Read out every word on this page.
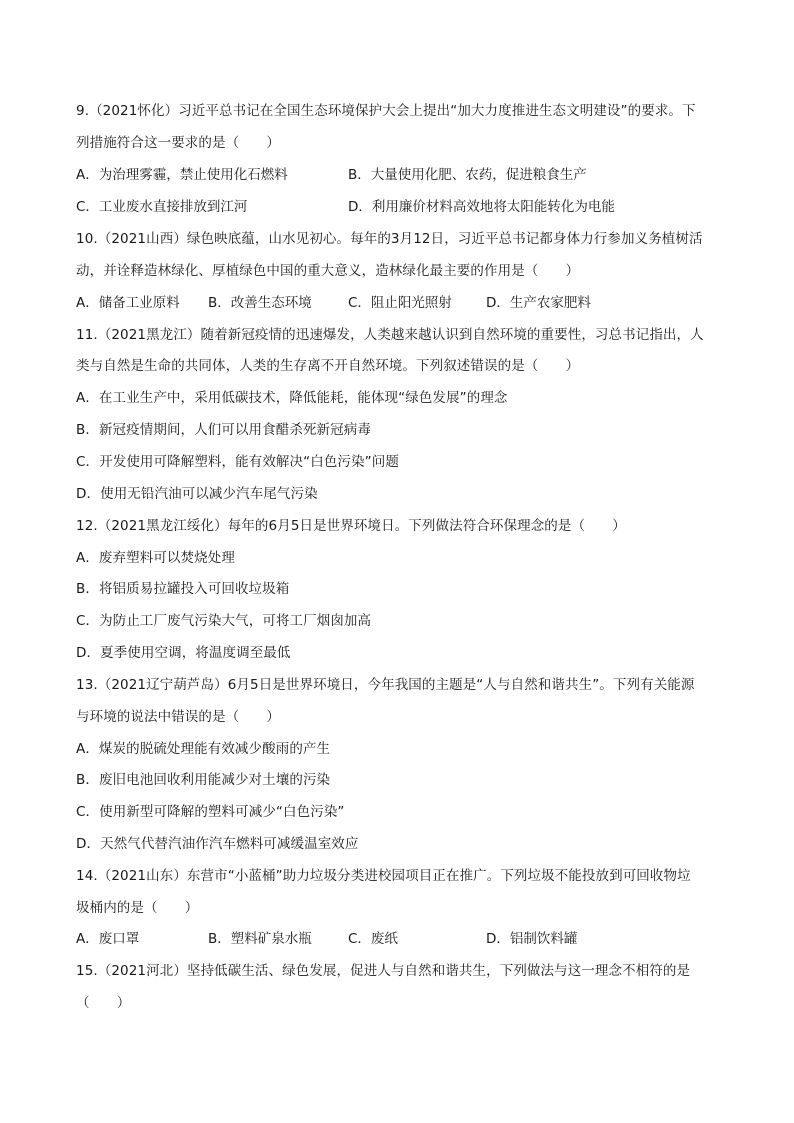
9.（2021怀化）习近平总书记在全国生态环境保护大会上提出“加大力度推进生态文明建设”的要求。下
列措施符合这一要求的是（　　）
A．为治理雾霾，禁止使用化石燃料	B．大量使用化肥、农药，促进粮食生产
C．工业废水直接排放到江河	D．利用廉价材料高效地将太阳能转化为电能
10.（2021山西）绿色映底蕴，山水见初心。每年的3月12日，习近平总书记都身体力行参加义务植树活
动，并诠释造林绿化、厚植绿色中国的重大意义，造林绿化最主要的作用是（　　）
A．储备工业原料 B．改善生态环境	C．阻止阳光照射	D．生产农家肥料
11.（2021黑龙江）随着新冠疫情的迅速爆发，人类越来越认识到自然环境的重要性，习总书记指出，人
类与自然是生命的共同体，人类的生存离不开自然环境。下列叙述错误的是（　　）
A．在工业生产中，采用低碳技术，降低能耗，能体现“绿色发展”的理念
B．新冠疫情期间，人们可以用食醋杀死新冠病毒
C．开发使用可降解塑料，能有效解决“白色污染”问题
D．使用无铅汽油可以减少汽车尾气污染
12.（2021黑龙江绥化）每年的6月5日是世界环境日。下列做法符合环保理念的是（　　）
A．废弃塑料可以焚烧处理
B．将铝质易拉罐投入可回收垃圾箱
C．为防止工厂废气污染大气，可将工厂烟囱加高
D．夏季使用空调，将温度调至最低
13.（2021辽宁葫芦岛）6月5日是世界环境日，今年我国的主题是“人与自然和谐共生”。下列有关能源
与环境的说法中错误的是（　　）
A．煤炭的脱硫处理能有效减少酸雨的产生
B．废旧电池回收利用能减少对土壤的污染
C．使用新型可降解的塑料可减少“白色污染”
D．天然气代替汽油作汽车燃料可减缓温室效应
14.（2021山东）东营市“小蓝桶”助力垃圾分类进校园项目正在推广。下列垃圾不能投放到可回收物垃
圾桶内的是（　　）
A．废口罩	B．塑料矿泉水瓶	C．废纸	D．铝制饮料罐
15.（2021河北）坚持低碳生活、绿色发展，促进人与自然和谐共生，下列做法与这一理念不相符的是
（　　）
